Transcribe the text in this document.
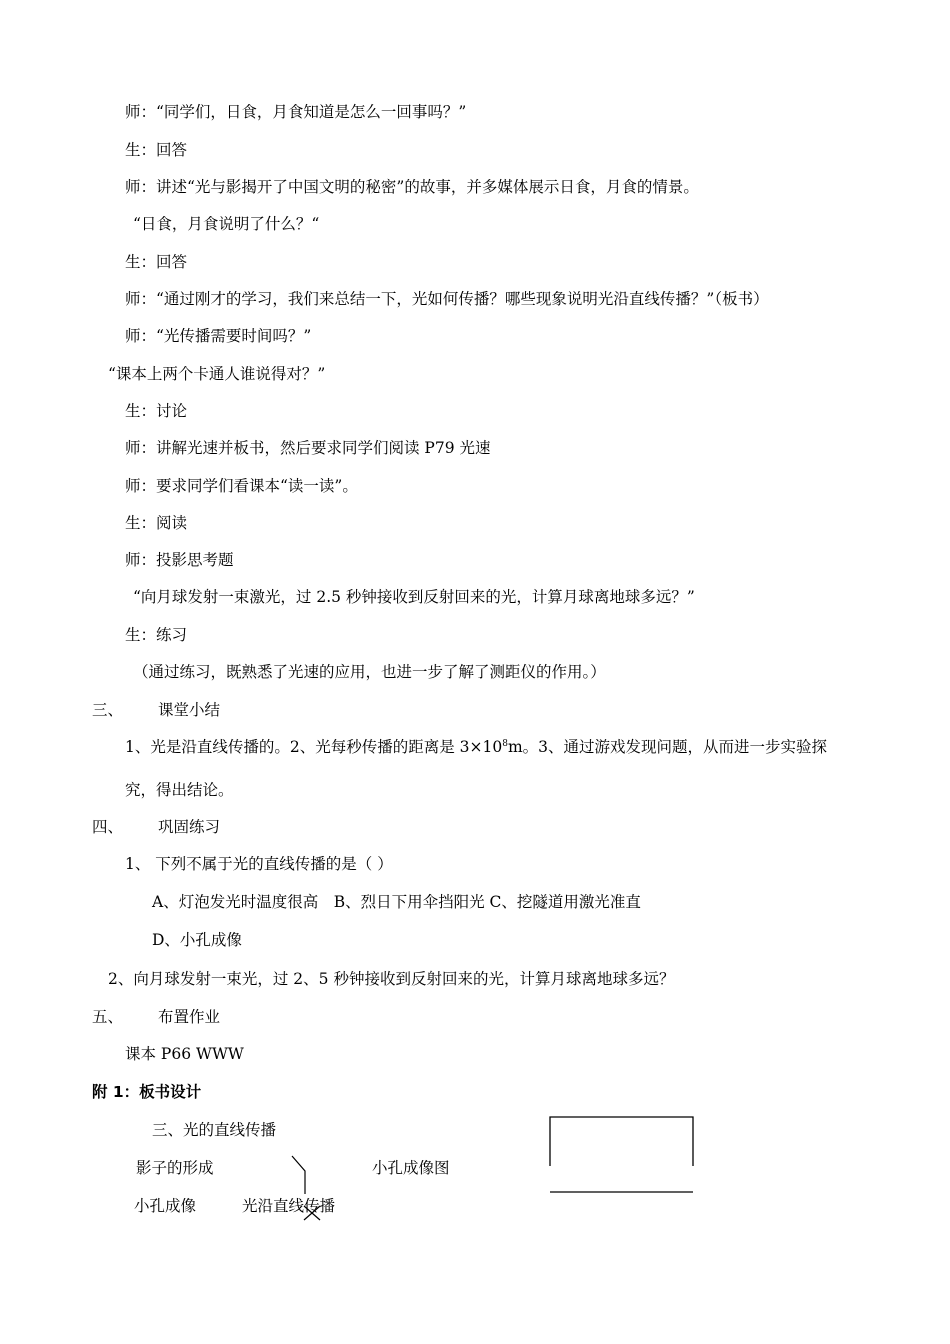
师：“同学们，日食，月食知道是怎么一回事吗？”
生：回答
师：讲述“光与影揭开了中国文明的秘密”的故事，并多媒体展示日食，月食的情景。
“日食，月食说明了什么？“
生：回答
师：“通过刚才的学习，我们来总结一下，光如何传播？哪些现象说明光沿直线传播？”（板书）
师：“光传播需要时间吗？”
“课本上两个卡通人谁说得对？”
生：讨论
师：讲解光速并板书，然后要求同学们阅读 P79 光速
师：要求同学们看课本“读一读”。
生：阅读
师：投影思考题
“向月球发射一束激光，过 2.5 秒钟接收到反射回来的光，计算月球离地球多远？”
生：练习
（通过练习，既熟悉了光速的应用，也进一步了解了测距仪的作用。）
三、 课堂小结
1、光是沿直线传播的。2、光每秒传播的距离是 $3\times 10^8m$。3、通过游戏发现问题，从而进一步实验探
究，得出结论。
四、 巩固练习
1、 下列不属于光的直线传播的是（ ）
A、灯泡发光时温度很高　B、烈日下用伞挡阳光 C、挖隧道用激光准直
D、小孔成像
2、向月球发射一束光，过 2、5 秒钟接收到反射回来的光，计算月球离地球多远？
五、 布置作业
课本 P66 WWW
附 1：板书设计
三、光的直线传播
影子的形成	小孔成像图
小孔成像	光沿直线传播
